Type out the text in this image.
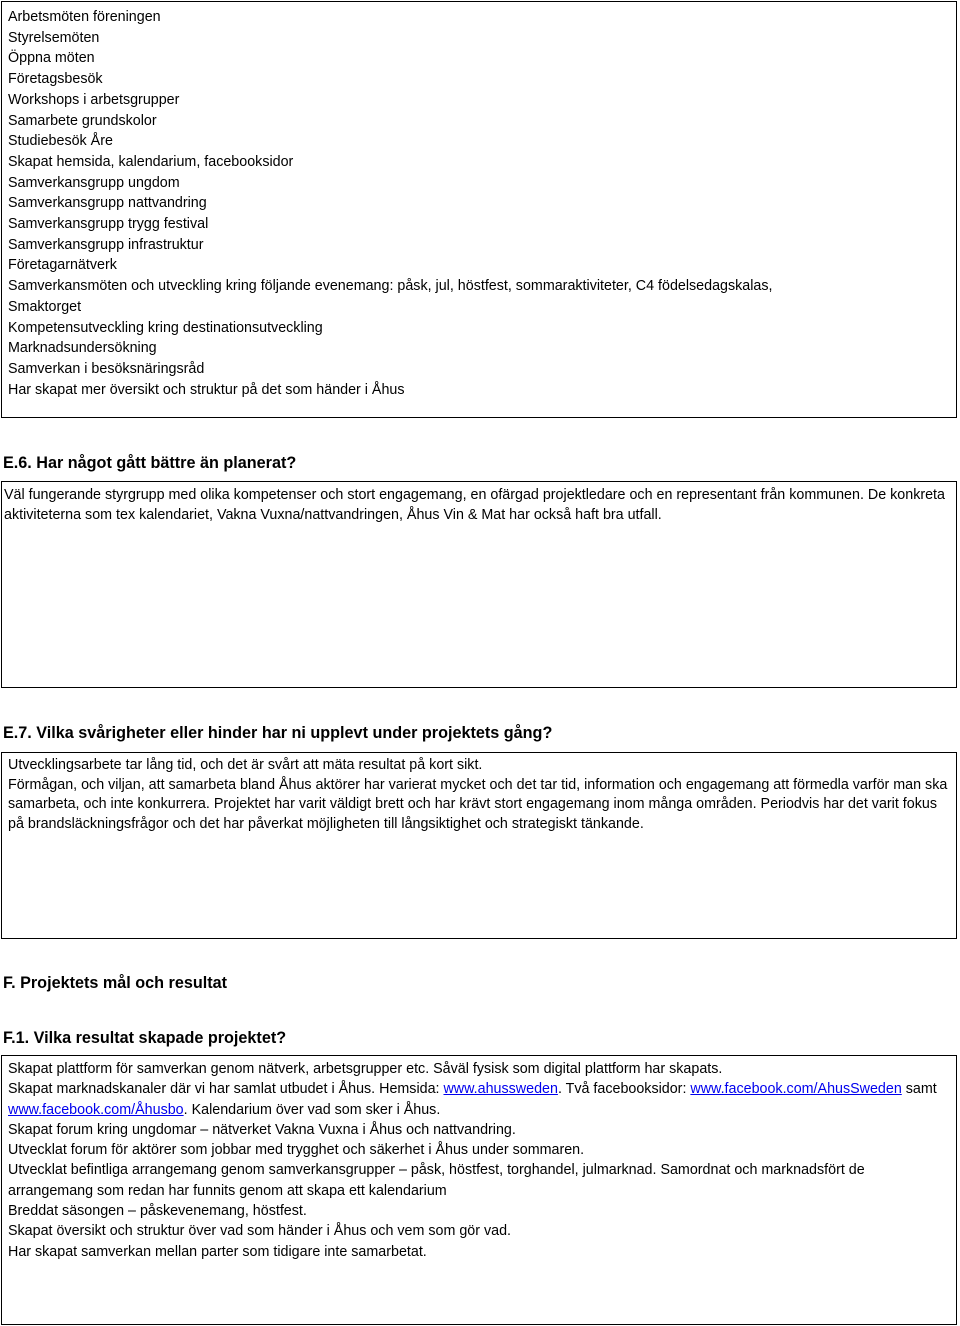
Arbetsmöten föreningen
Styrelsemöten
Öppna möten
Företagsbesök
Workshops i arbetsgrupper
Samarbete grundskolor
Studiebesök Åre
Skapat hemsida, kalendarium, facebooksidor
Samverkansgrupp ungdom
Samverkansgrupp nattvandring
Samverkansgrupp trygg festival
Samverkansgrupp infrastruktur
Företagarnätverk
Samverkansmöten och utveckling kring följande evenemang: påsk, jul, höstfest, sommaraktiviteter, C4 födelsedagskalas,
Smaktorget
Kompetensutveckling kring destinationsutveckling
Marknadsundersökning
Samverkan i besöksnäringsråd
Har skapat mer översikt och struktur på det som händer i Åhus
E.6. Har något gått bättre än planerat?

Väl fungerande styrgrupp med olika kompetenser och stort engagemang, en ofärgad projektledare och en representant från kommunen. De konkreta aktiviteterna som tex kalendariet, Vakna Vuxna/nattvandringen, Åhus Vin & Mat har också haft bra utfall.

E.7. Vilka svårigheter eller hinder har ni upplevt under projektets gång?

Utvecklingsarbete tar lång tid, och det är svårt att mäta resultat på kort sikt.

Förmågan, och viljan, att samarbeta bland Åhus aktörer har varierat mycket och det tar tid, information och engagemang att förmedla varför man ska samarbeta, och inte konkurrera. Projektet har varit väldigt brett och har krävt stort engagemang inom många områden. Periodvis har det varit fokus på brandsläckningsfrågor och det har påverkat möjligheten till långsiktighet och strategiskt tänkande.

F. Projektets mål och resultat
F.1. Vilka resultat skapade projektet?

Skapat plattform för samverkan genom nätverk, arbetsgrupper etc. Såväl fysisk som digital plattform har skapats.

Skapat marknadskanaler där vi har samlat utbudet i Åhus. Hemsida: www.ahussweden. Två facebooksidor: www.facebook.com/AhusSweden samt www.facebook.com/Åhusbo. Kalendarium över vad som sker i Åhus.

Skapat forum kring ungdomar – nätverket Vakna Vuxna i Åhus och nattvandring.

Utvecklat forum för aktörer som jobbar med trygghet och säkerhet i Åhus under sommaren.

Utvecklat befintliga arrangemang genom samverkansgrupper – påsk, höstfest, torghandel, julmarknad. Samordnat och marknadsfört de arrangemang som redan har funnits genom att skapa ett kalendarium

Breddat säsongen – påskevenemang, höstfest.

Skapat översikt och struktur över vad som händer i Åhus och vem som gör vad.

Har skapat samverkan mellan parter som tidigare inte samarbetat.
